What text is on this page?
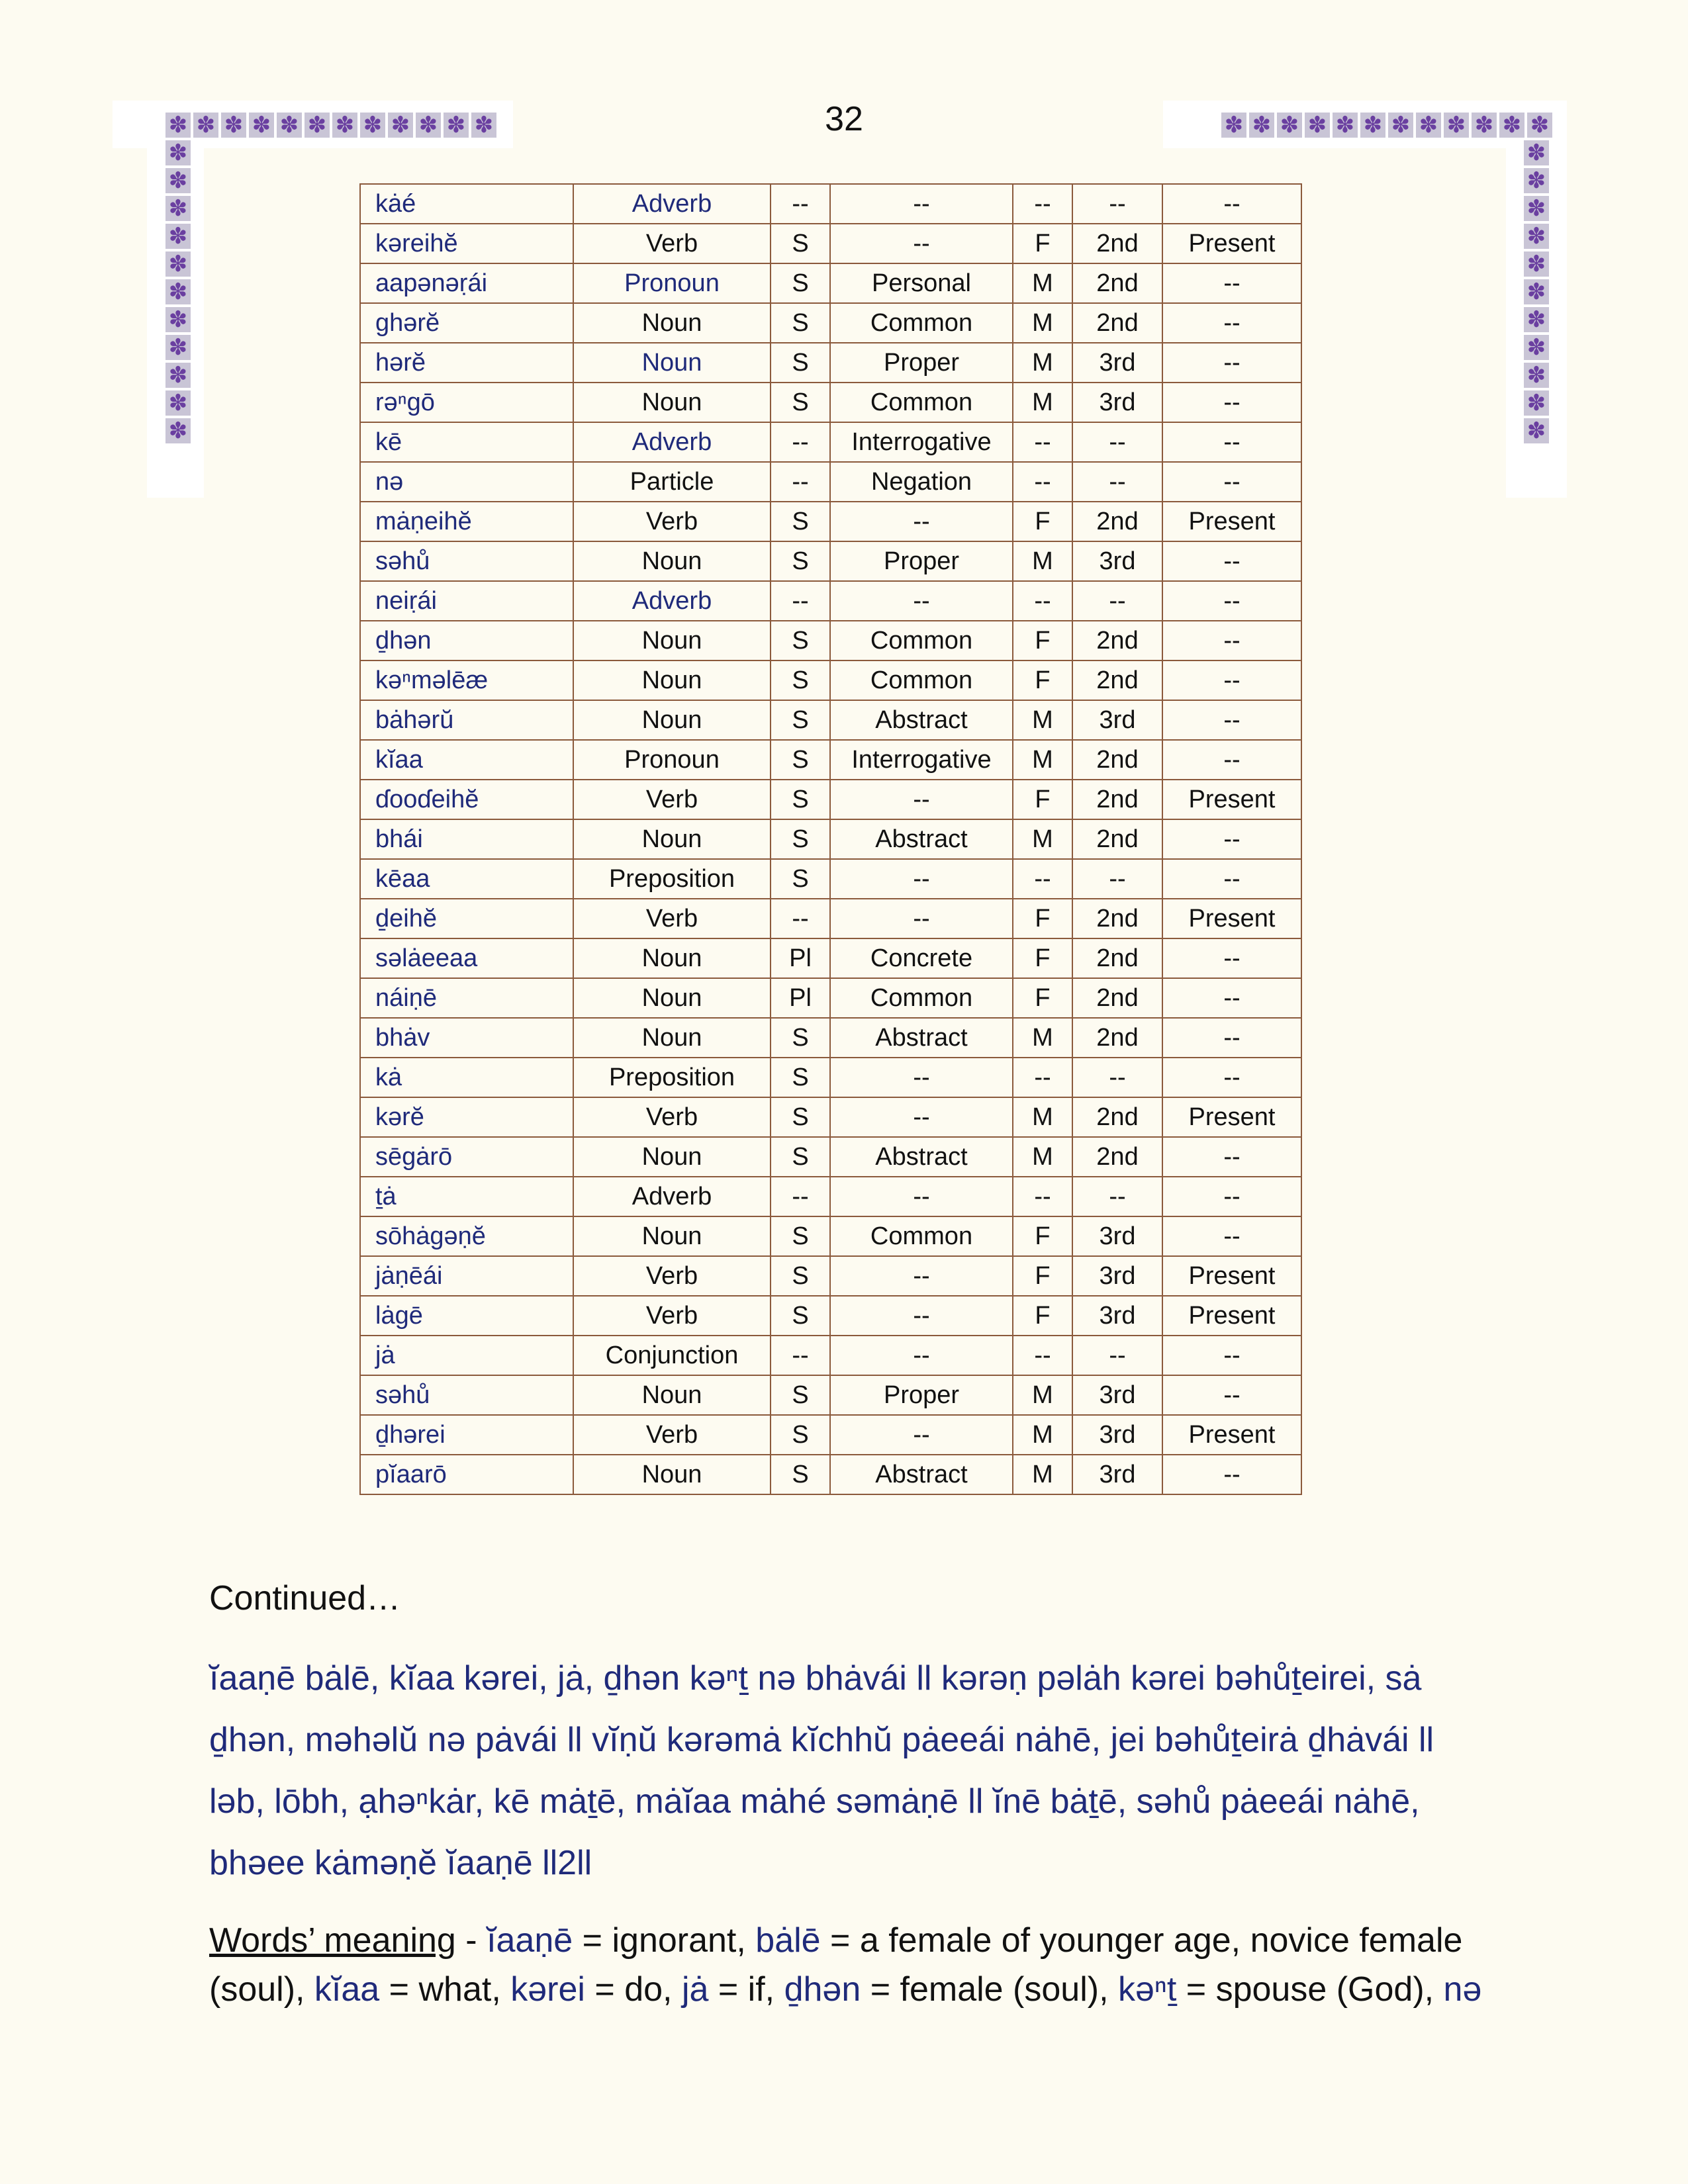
32
✽ ✽ ✽ ✽ ✽ ✽ ✽ ✽ ✽ ✽ ✽ ✽
✽
✽
✽
✽
✽
✽
✽
✽
✽
✽
✽
✽ ✽ ✽ ✽ ✽ ✽ ✽ ✽ ✽ ✽ ✽ ✽
✽
✽
✽
✽
✽
✽
✽
✽
✽
✽
✽
kȧé	Adverb	--	--	--	--	--
kəreihĕ	Verb	S	--	F	2nd	Present
aapənəṛái	Pronoun	S	Personal	M	2nd	--
ghərĕ	Noun	S	Common	M	2nd	--
hərĕ	Noun	S	Proper	M	3rd	--
rəⁿgō	Noun	S	Common	M	3rd	--
kē	Adverb	--	Interrogative	--	--	--
nə	Particle	--	Negation	--	--	--
mȧṇeihĕ	Verb	S	--	F	2nd	Present
səhů	Noun	S	Proper	M	3rd	--
neiṛái	Adverb	--	--	--	--	--
ḏhən	Noun	S	Common	F	2nd	--
kəⁿməlēæ	Noun	S	Common	F	2nd	--
bȧhərŭ	Noun	S	Abstract	M	3rd	--
kĭaa	Pronoun	S	Interrogative	M	2nd	--
ɗooɗeihĕ	Verb	S	--	F	2nd	Present
bhái	Noun	S	Abstract	M	2nd	--
kēaa	Preposition	S	--	--	--	--
ḏeihĕ	Verb	--	--	F	2nd	Present
səlȧeeaa	Noun	Pl	Concrete	F	2nd	--
náiṇē	Noun	Pl	Common	F	2nd	--
bhȧv	Noun	S	Abstract	M	2nd	--
kȧ	Preposition	S	--	--	--	--
kərĕ	Verb	S	--	M	2nd	Present
sēgȧrō	Noun	S	Abstract	M	2nd	--
ṯȧ	Adverb	--	--	--	--	--
sōhȧgəṇĕ	Noun	S	Common	F	3rd	--
jȧṇēái	Verb	S	--	F	3rd	Present
lȧgē	Verb	S	--	F	3rd	Present
jȧ	Conjunction	--	--	--	--	--
səhů	Noun	S	Proper	M	3rd	--
ḏhərei	Verb	S	--	M	3rd	Present
pĭaarō	Noun	S	Abstract	M	3rd	--
Continued…
ĭaaṇē bȧlē, kĭaa kərei, jȧ, ḏhən kəⁿṯ nə bhȧvái ll kərəṇ pəlȧh kərei bəhůṯeirei, sȧ
ḏhən, məhəlŭ nə pȧvái ll vĭṇŭ kərəmȧ kĭchhŭ pȧeeái nȧhē, jei bəhůṯeirȧ ḏhȧvái ll
ləb, lōbh, ạhəⁿkȧr, kē mȧṯē, mȧĭaa mȧhé səmȧṇē ll ĭnē bȧṯē, səhů pȧeeái nȧhē,
bhəee kȧməṇĕ ĭaaṇē ll2ll
Words’ meaning - ĭaaṇē = ignorant, bȧlē = a female of younger age, novice female (soul), kĭaa = what, kərei = do, jȧ = if, ḏhən = female (soul), kəⁿṯ = spouse (God), nə
